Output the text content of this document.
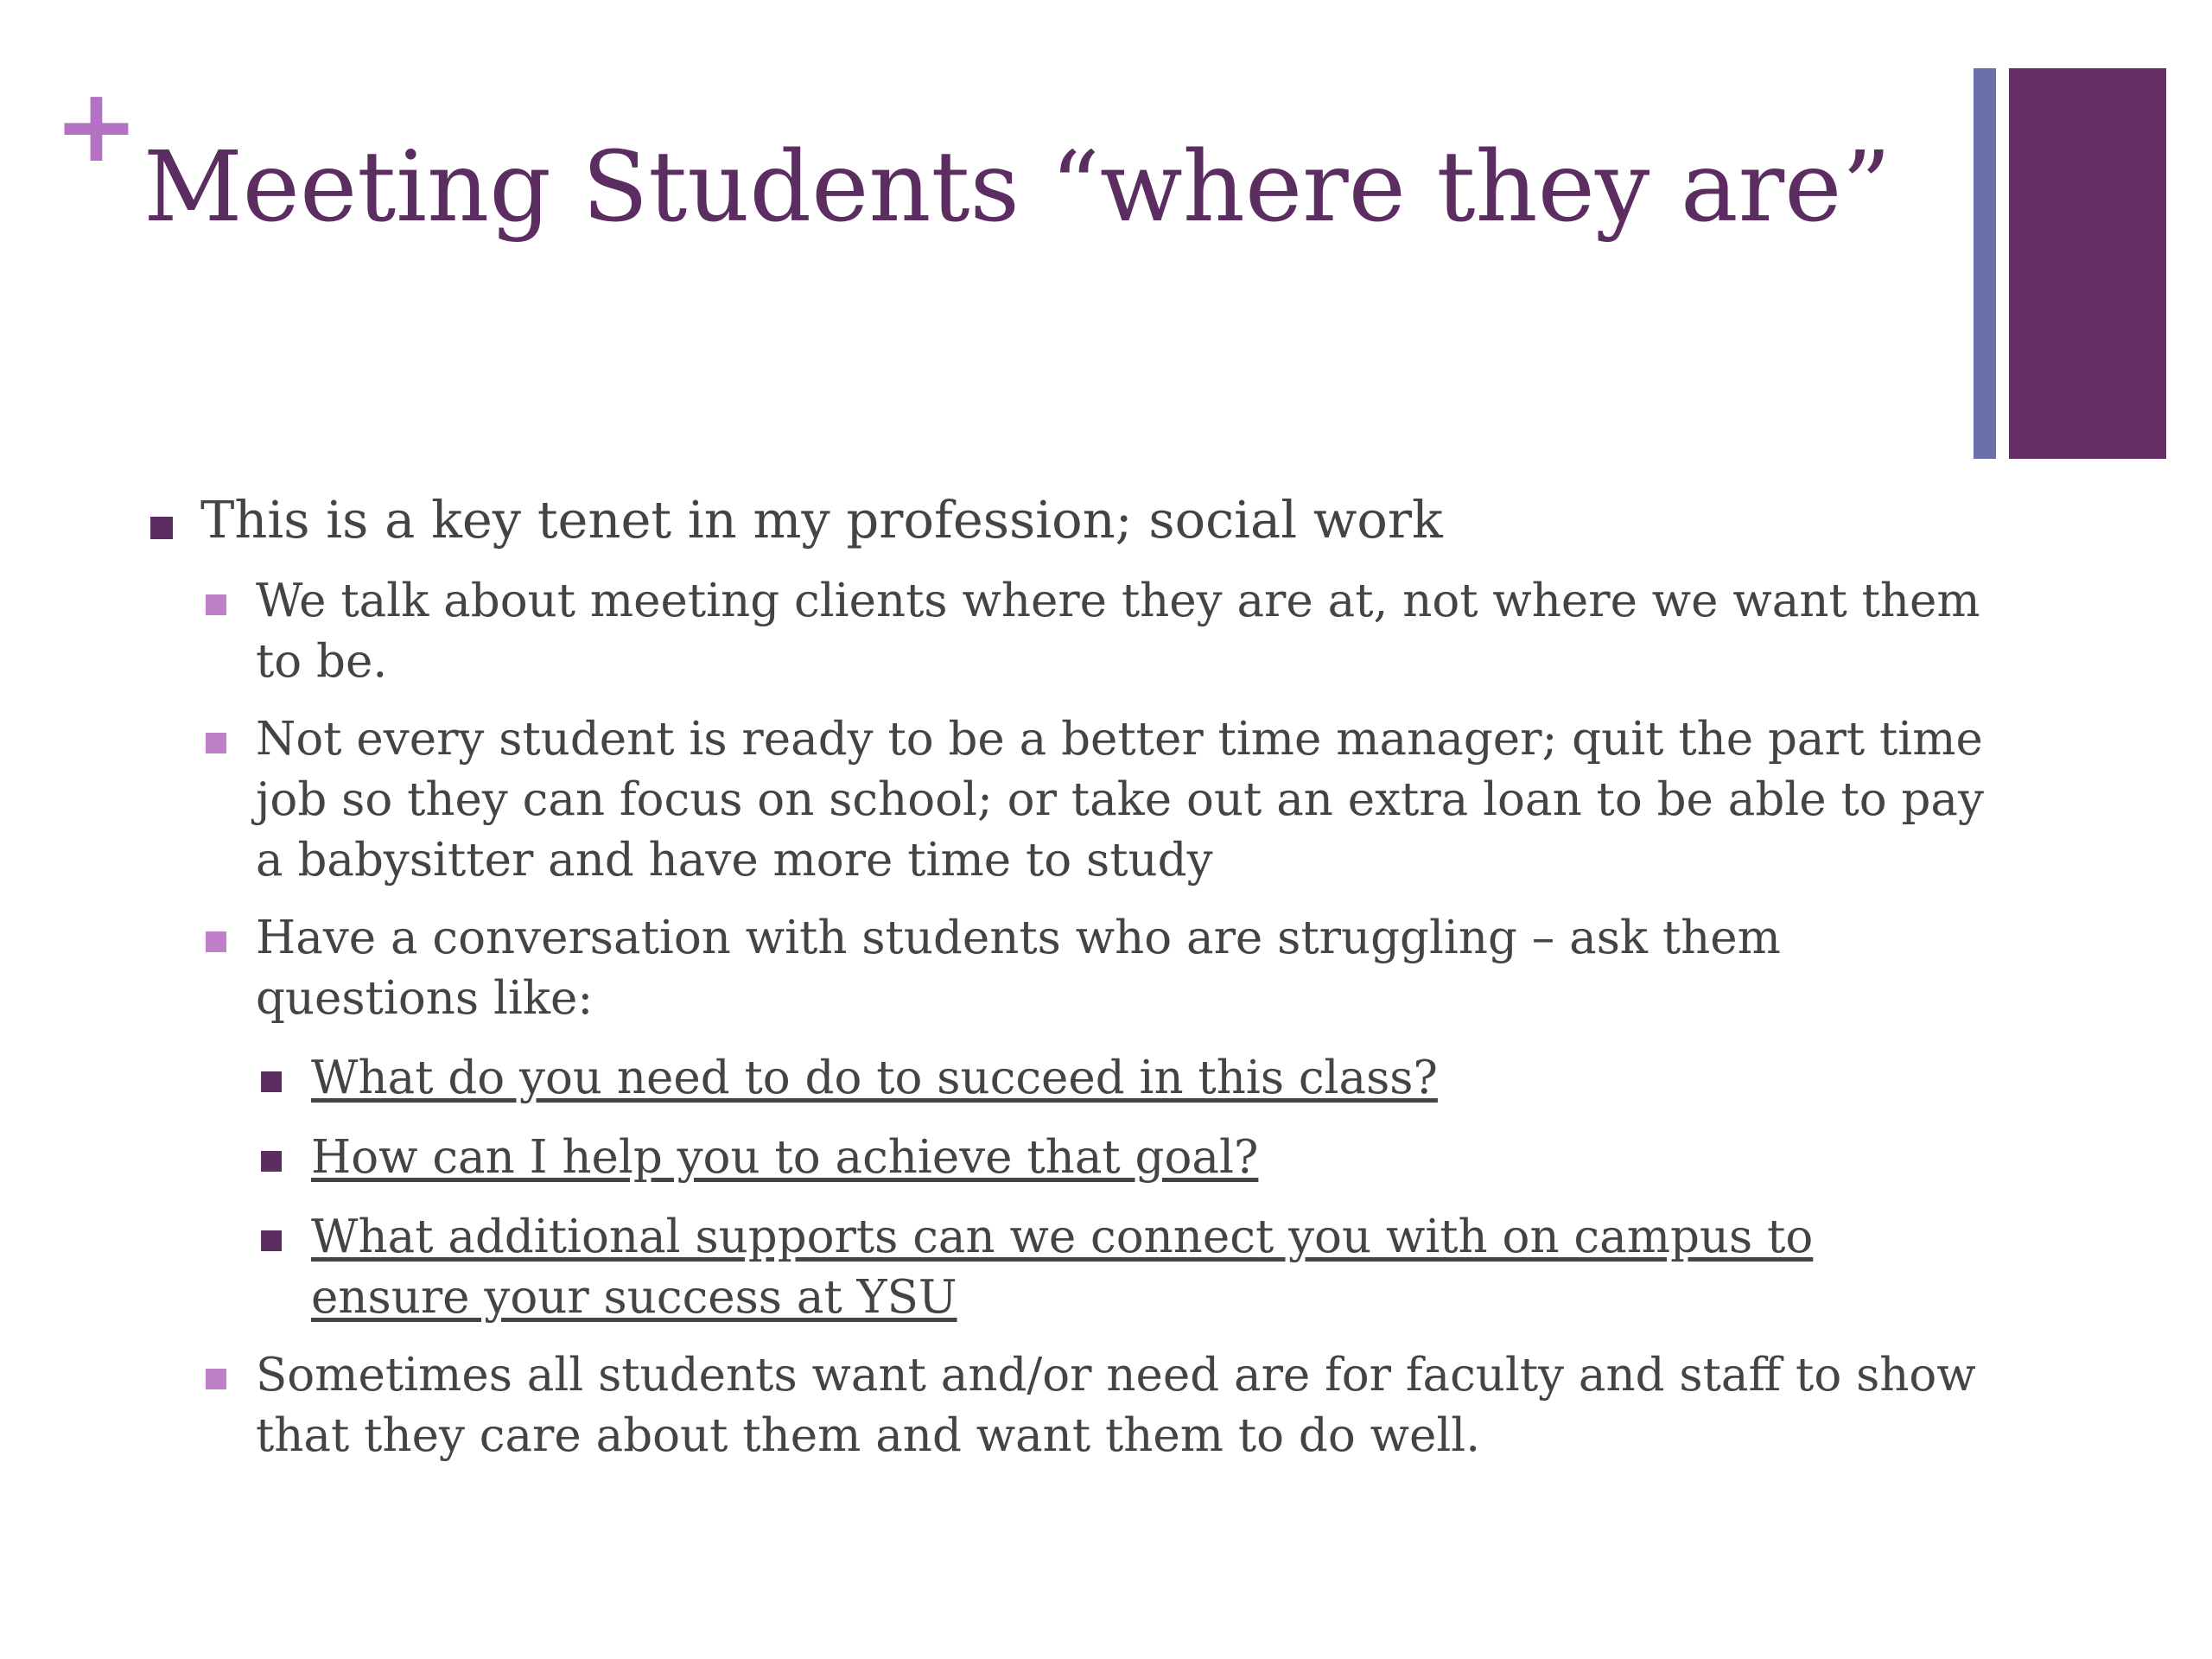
+
Meeting Students “where they are”
This is a key tenet in my profession; social work
We talk about meeting clients where they are at, not where we want them to be.
Not every student is ready to be a better time manager; quit the part time job so they can focus on school; or take out an extra loan to be able to pay a babysitter and have more time to study
Have a conversation with students who are struggling – ask them questions like:
What do you need to do to succeed in this class?
How can I help you to achieve that goal?
What additional supports can we connect you with on campus to ensure your success at YSU
Sometimes all students want and/or need are for faculty and staff to show that they care about them and want them to do well.
